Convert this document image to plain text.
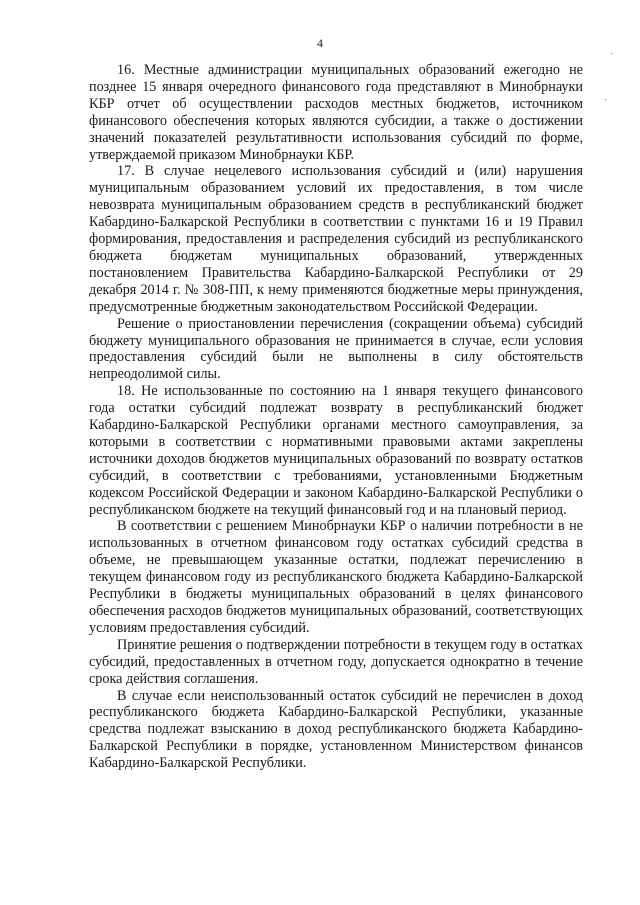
4

16. Местные администрации муниципальных образований ежегодно не позднее 15 января очередного финансового года представляют в Минобрнауки КБР отчет об осуществлении расходов местных бюджетов, источником финансового обеспечения которых являются субсидии, а также о достижении значений показателей результативности использования субсидий по форме, утверждаемой приказом Минобрнауки КБР.

17. В случае нецелевого использования субсидий и (или) нарушения муниципальным образованием условий их предоставления, в том числе невозврата муниципальным образованием средств в республиканский бюджет Кабардино-Балкарской Республики в соответствии с пунктами 16 и 19 Правил формирования, предоставления и распределения субсидий из республиканского бюджета бюджетам муниципальных образований, утвержденных постановлением Правительства Кабардино-Балкарской Республики от 29 декабря 2014 г. № 308-ПП, к нему применяются бюджетные меры принуждения, предусмотренные бюджетным законодательством Российской Федерации.

Решение о приостановлении перечисления (сокращении объема) субсидий бюджету муниципального образования не принимается в случае, если условия предоставления субсидий были не выполнены в силу обстоятельств непреодолимой силы.

18. Не использованные по состоянию на 1 января текущего финансового года остатки субсидий подлежат возврату в республиканский бюджет Кабардино-Балкарской Республики органами местного самоуправления, за которыми в соответствии с нормативными правовыми актами закреплены источники доходов бюджетов муниципальных образований по возврату остатков субсидий, в соответствии с требованиями, установленными Бюджетным кодексом Российской Федерации и законом Кабардино-Балкарской Республики о республиканском бюджете на текущий финансовый год и на плановый период.

В соответствии с решением Минобрнауки КБР о наличии потребности в не использованных в отчетном финансовом году остатках субсидий средства в объеме, не превышающем указанные остатки, подлежат перечислению в текущем финансовом году из республиканского бюджета Кабардино-Балкарской Республики в бюджеты муниципальных образований в целях финансового обеспечения расходов бюджетов муниципальных образований, соответствующих условиям предоставления субсидий.

Принятие решения о подтверждении потребности в текущем году в остатках субсидий, предоставленных в отчетном году, допускается однократно в течение срока действия соглашения.

В случае если неиспользованный остаток субсидий не перечислен в доход республиканского бюджета Кабардино-Балкарской Республики, указанные средства подлежат взысканию в доход республиканского бюджета Кабардино-Балкарской Республики в порядке, установленном Министерством финансов Кабардино-Балкарской Республики.

˙
ˏ
